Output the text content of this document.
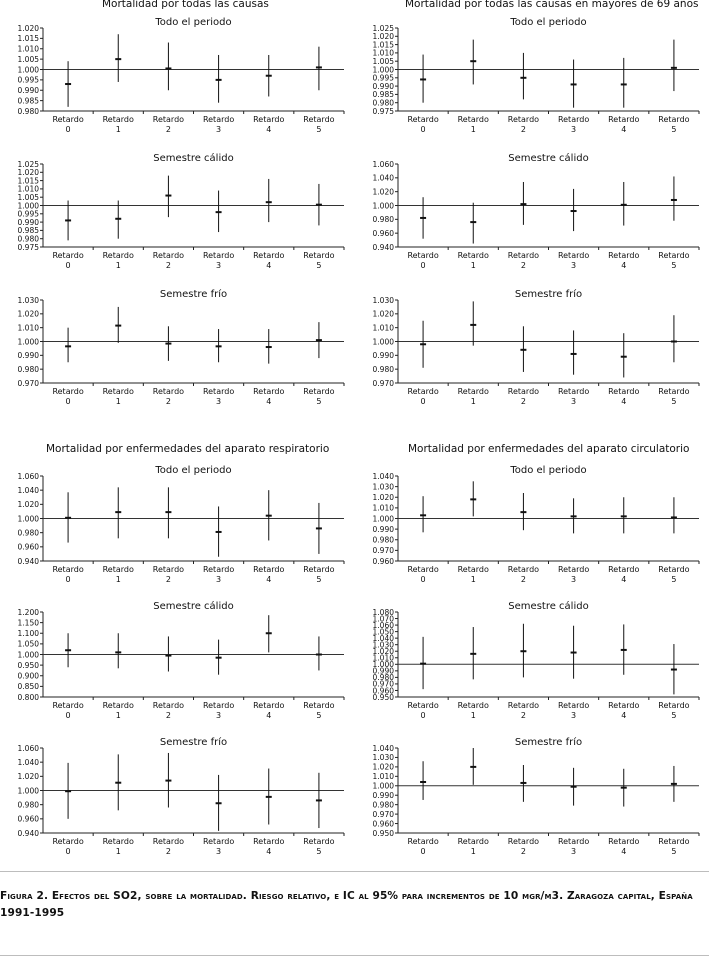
Mortalidad por todas las causas	Mortalidad por todas las causas en mayores de 69 años
Mortalidad por enfermedades del aparato respiratorio	Mortalidad por enfermedades del aparato circulatorio
Todo el periodo
1.020
1.015
1.010
1.005
1.000
0.995
0.990
0.985
0.980
Retardo
0
Retardo
1
Retardo
2
Retardo
3
Retardo
4
Retardo
5
Todo el periodo
1.025
1.020
1.015
1.010
1.005
1.000
0.995
0.990
0.985
0.980
0.975
Retardo
0
Retardo
1
Retardo
2
Retardo
3
Retardo
4
Retardo
5
Semestre cálido
1.025
1.020
1.015
1.010
1.005
1.000
0.995
0.990
0.985
0.980
0.975
Retardo
0
Retardo
1
Retardo
2
Retardo
3
Retardo
4
Retardo
5
Semestre cálido
1.060
1.040
1.020
1.000
0.980
0.960
0.940
Retardo
0
Retardo
1
Retardo
2
Retardo
3
Retardo
4
Retardo
5
Semestre frío
1.030
1.020
1.010
1.000
0.990
0.980
0.970
Retardo
0
Retardo
1
Retardo
2
Retardo
3
Retardo
4
Retardo
5
Semestre frío
1.030
1.020
1.010
1.000
0.990
0.980
0.970
Retardo
0
Retardo
1
Retardo
2
Retardo
3
Retardo
4
Retardo
5
Todo el periodo
1.060
1.040
1.020
1.000
0.980
0.960
0.940
Retardo
0
Retardo
1
Retardo
2
Retardo
3
Retardo
4
Retardo
5
Todo el periodo
1.040
1.030
1.020
1.010
1.000
0.990
0.980
0.970
0.960
Retardo
0
Retardo
1
Retardo
2
Retardo
3
Retardo
4
Retardo
5
Semestre cálido
1.200
1.150
1.100
1.050
1.000
0.950
0.900
0.850
0.800
Retardo
0
Retardo
1
Retardo
2
Retardo
3
Retardo
4
Retardo
5
Semestre cálido
1.080
1.070
1.060
1.050
1.040
1.030
1.020
1.010
1.000
0.990
0.980
0.970
0.960
0.950
Retardo
0
Retardo
1
Retardo
2
Retardo
3
Retardo
4
Retardo
5
Semestre frío
1.060
1.040
1.020
1.000
0.980
0.960
0.940
Retardo
0
Retardo
1
Retardo
2
Retardo
3
Retardo
4
Retardo
5
Semestre frío
1.040
1.030
1.020
1.010
1.000
0.990
0.980
0.970
0.960
0.950
Retardo
0
Retardo
1
Retardo
2
Retardo
3
Retardo
4
Retardo
5
Figura 2. Efectos del SO2, sobre la mortalidad. Riesgo relativo, e IC al 95% para incrementos de 10 μgr/m3. Zaragoza capital, España 1991-1995
